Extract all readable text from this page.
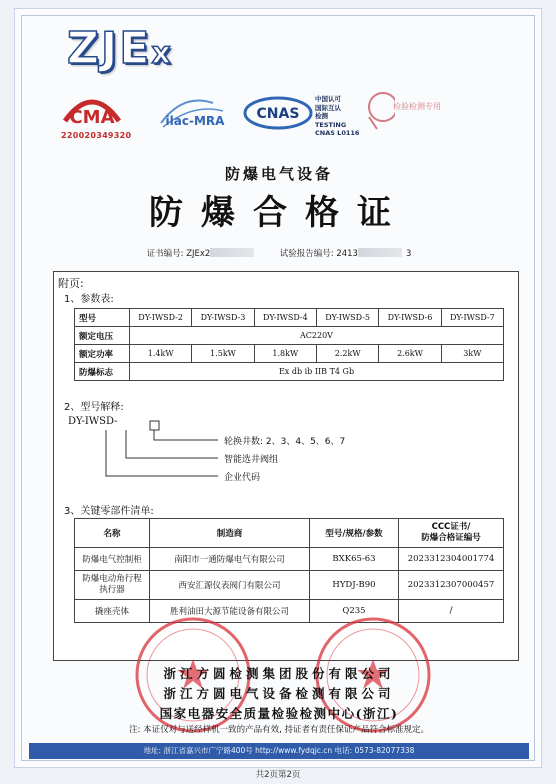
ZJEx
CMA
220020349320
ilac-MRA CNAS
中国认可
国际互认
检测
TESTING
CNAS L0116
检验检测专用
防爆电气设备
防爆合格证
证书编号: ZJEx2	试验报告编号: 2413	3
附页:
1、参数表:
型号	DY-IWSD-2	DY-IWSD-3	DY-IWSD-4	DY-IWSD-5	DY-IWSD-6	DY-IWSD-7
额定电压	AC220V					
额定功率	1.4kW	1.5kW	1.8kW	2.2kW	2.6kW	3kW
防爆标志	Ex db ib IIB T4 Gb					
2、型号解释:
DY-IWSD-
轮换井数: 2、3、4、5、6、7
智能选井阀组
企业代码
3、关键零部件清单:
名称	制造商	型号/规格/参数	CCC证书/
防爆合格证编号

防爆电气控制柜	南阳市一通防爆电气有限公司	BXK65-63	2023312304001774

防爆电动角行程
执行器	西安汇源仪表阀门有限公司	HYDJ-B90	2023312307000457
撬座壳体	胜利油田大源节能设备有限公司	Q235	/
浙江方圆检测集团股份有限公司
浙江方圆电气设备检测有限公司
国家电器安全质量检验检测中心(浙江)
注: 本证仅对与送经样机一致的产品有效, 持证者有责任保证产品符合标准规定。
地址: 浙江省嘉兴市广宁路400号 http://www.fydqjc.cn 电话: 0573-82077338
共2页第2页
